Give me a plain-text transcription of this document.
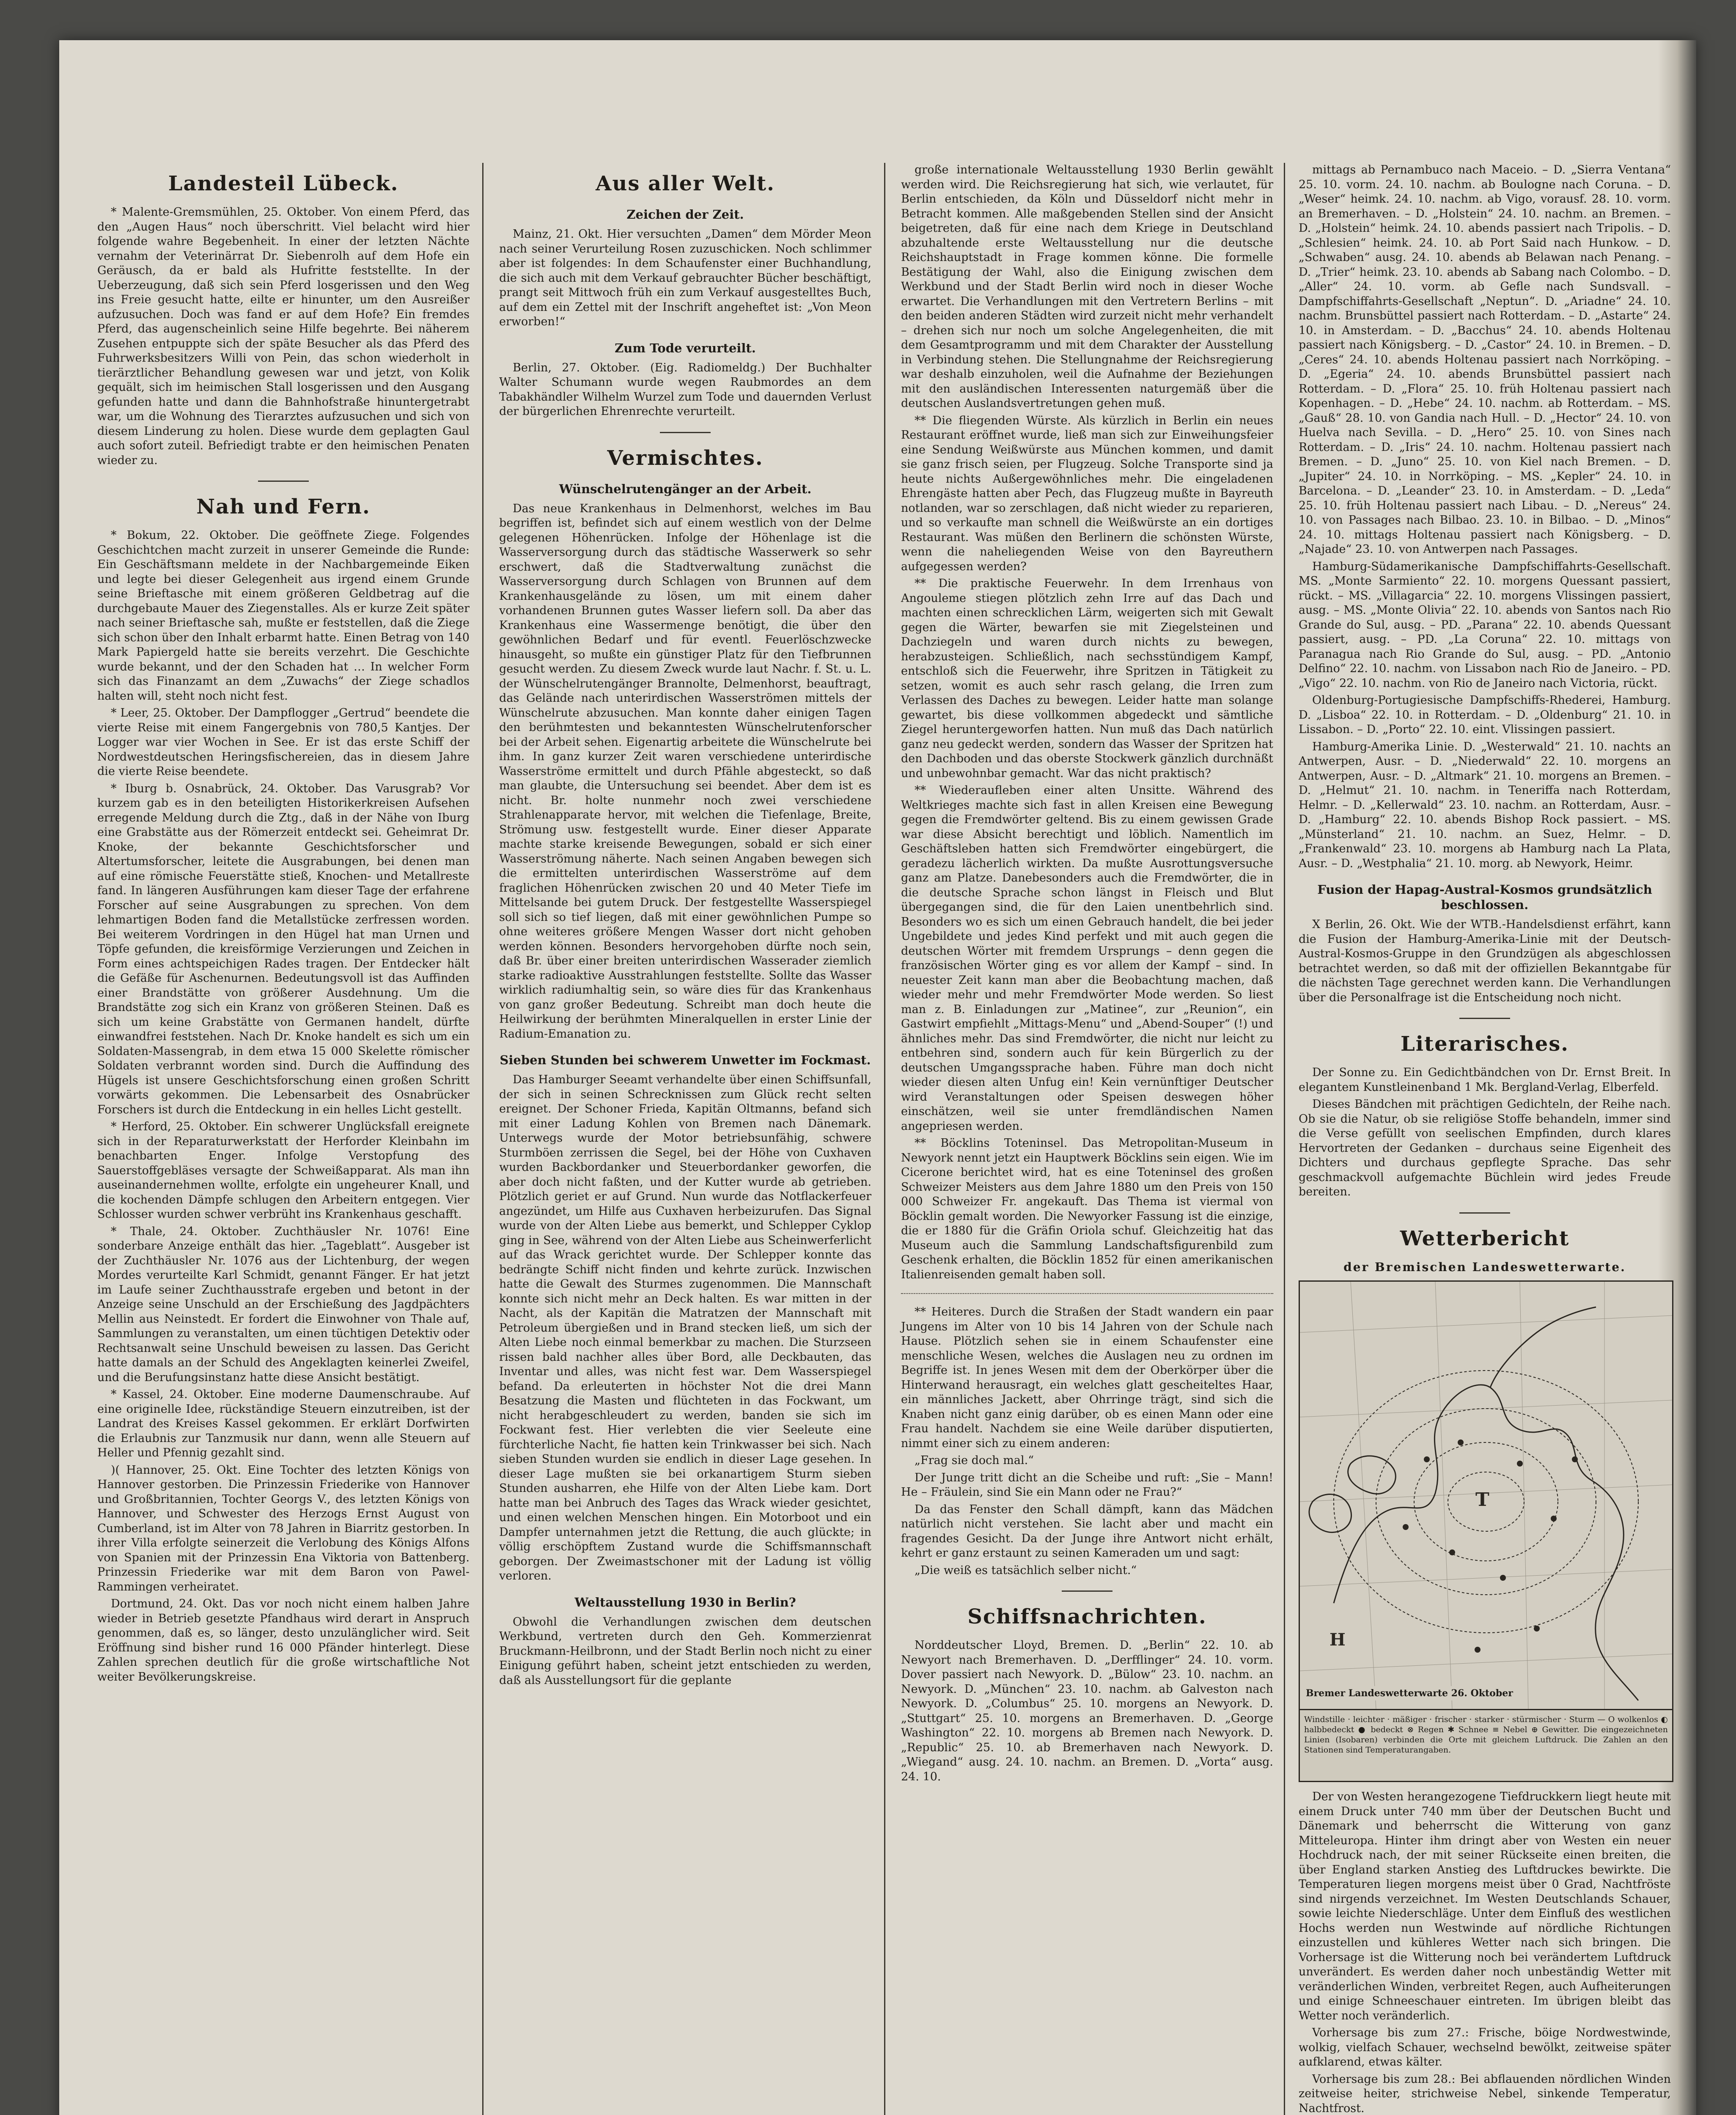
Landesteil Lübeck.

* Malente-Gremsmühlen, 25. Oktober. Von einem Pferd, das den „Augen Haus“ noch überschritt. Viel belacht wird hier folgende wahre Begebenheit. In einer der letzten Nächte vernahm der Veterinärrat Dr. Siebenrolh auf dem Hofe ein Geräusch, da er bald als Hufritte feststellte. In der Ueberzeugung, daß sich sein Pferd losgerissen und den Weg ins Freie gesucht hatte, eilte er hinunter, um den Ausreißer aufzusuchen. Doch was fand er auf dem Hofe? Ein fremdes Pferd, das augenscheinlich seine Hilfe begehrte. Bei näherem Zusehen entpuppte sich der späte Besucher als das Pferd des Fuhrwerksbesitzers Willi von Pein, das schon wiederholt in tierärztlicher Behandlung gewesen war und jetzt, von Kolik gequält, sich im heimischen Stall losgerissen und den Ausgang gefunden hatte und dann die Bahnhofstraße hinuntergetrabt war, um die Wohnung des Tierarztes aufzusuchen und sich von diesem Linderung zu holen. Diese wurde dem geplagten Gaul auch sofort zuteil. Befriedigt trabte er den heimischen Penaten wieder zu.

Nah und Fern.

* Bokum, 22. Oktober. Die geöffnete Ziege. Folgendes Geschichtchen macht zurzeit in unserer Gemeinde die Runde: Ein Geschäftsmann meldete in der Nachbargemeinde Eiken und legte bei dieser Gelegenheit aus irgend einem Grunde seine Brieftasche mit einem größeren Geldbetrag auf die durchgebaute Mauer des Ziegenstalles. Als er kurze Zeit später nach seiner Brieftasche sah, mußte er feststellen, daß die Ziege sich schon über den Inhalt erbarmt hatte. Einen Betrag von 140 Mark Papiergeld hatte sie bereits verzehrt. Die Geschichte wurde bekannt, und der den Schaden hat … In welcher Form sich das Finanzamt an dem „Zuwachs“ der Ziege schadlos halten will, steht noch nicht fest.

* Leer, 25. Oktober. Der Dampflogger „Gertrud“ beendete die vierte Reise mit einem Fangergebnis von 780,5 Kantjes. Der Logger war vier Wochen in See. Er ist das erste Schiff der Nordwestdeutschen Heringsfischereien, das in diesem Jahre die vierte Reise beendete.

* Iburg b. Osnabrück, 24. Oktober. Das Varusgrab? Vor kurzem gab es in den beteiligten Historikerkreisen Aufsehen erregende Meldung durch die Ztg., daß in der Nähe von Iburg eine Grabstätte aus der Römerzeit entdeckt sei. Geheimrat Dr. Knoke, der bekannte Geschichtsforscher und Altertumsforscher, leitete die Ausgrabungen, bei denen man auf eine römische Feuerstätte stieß, Knochen- und Metallreste fand. In längeren Ausführungen kam dieser Tage der erfahrene Forscher auf seine Ausgrabungen zu sprechen. Von dem lehmartigen Boden fand die Metallstücke zerfressen worden. Bei weiterem Vordringen in den Hügel hat man Urnen und Töpfe gefunden, die kreisförmige Verzierungen und Zeichen in Form eines achtspeichigen Rades tragen. Der Entdecker hält die Gefäße für Aschenurnen. Bedeutungsvoll ist das Auffinden einer Brandstätte von größerer Ausdehnung. Um die Brandstätte zog sich ein Kranz von größeren Steinen. Daß es sich um keine Grabstätte von Germanen handelt, dürfte einwandfrei feststehen. Nach Dr. Knoke handelt es sich um ein Soldaten-Massengrab, in dem etwa 15 000 Skelette römischer Soldaten verbrannt worden sind. Durch die Auffindung des Hügels ist unsere Geschichtsforschung einen großen Schritt vorwärts gekommen. Die Lebensarbeit des Osnabrücker Forschers ist durch die Entdeckung in ein helles Licht gestellt.

* Herford, 25. Oktober. Ein schwerer Unglücksfall ereignete sich in der Reparaturwerkstatt der Herforder Kleinbahn im benachbarten Enger. Infolge Verstopfung des Sauerstoffgebläses versagte der Schweißapparat. Als man ihn auseinandernehmen wollte, erfolgte ein ungeheurer Knall, und die kochenden Dämpfe schlugen den Arbeitern entgegen. Vier Schlosser wurden schwer verbrüht ins Krankenhaus geschafft.

* Thale, 24. Oktober. Zuchthäusler Nr. 1076! Eine sonderbare Anzeige enthält das hier. „Tageblatt“. Ausgeber ist der Zuchthäusler Nr. 1076 aus der Lichtenburg, der wegen Mordes verurteilte Karl Schmidt, genannt Fänger. Er hat jetzt im Laufe seiner Zuchthausstrafe ergeben und betont in der Anzeige seine Unschuld an der Erschießung des Jagdpächters Mellin aus Neinstedt. Er fordert die Einwohner von Thale auf, Sammlungen zu veranstalten, um einen tüchtigen Detektiv oder Rechtsanwalt seine Unschuld beweisen zu lassen. Das Gericht hatte damals an der Schuld des Angeklagten keinerlei Zweifel, und die Berufungsinstanz hatte diese Ansicht bestätigt.

* Kassel, 24. Oktober. Eine moderne Daumenschraube. Auf eine originelle Idee, rückständige Steuern einzutreiben, ist der Landrat des Kreises Kassel gekommen. Er erklärt Dorfwirten die Erlaubnis zur Tanzmusik nur dann, wenn alle Steuern auf Heller und Pfennig gezahlt sind.

)( Hannover, 25. Okt. Eine Tochter des letzten Königs von Hannover gestorben. Die Prinzessin Friederike von Hannover und Großbritannien, Tochter Georgs V., des letzten Königs von Hannover, und Schwester des Herzogs Ernst August von Cumberland, ist im Alter von 78 Jahren in Biarritz gestorben. In ihrer Villa erfolgte seinerzeit die Verlobung des Königs Alfons von Spanien mit der Prinzessin Ena Viktoria von Battenberg. Prinzessin Friederike war mit dem Baron von Pawel-Rammingen verheiratet.

Dortmund, 24. Okt. Das vor noch nicht einem halben Jahre wieder in Betrieb gesetzte Pfandhaus wird derart in Anspruch genommen, daß es, so länger, desto unzulänglicher wird. Seit Eröffnung sind bisher rund 16 000 Pfänder hinterlegt. Diese Zahlen sprechen deutlich für die große wirtschaftliche Not weiter Bevölkerungskreise.

Aus aller Welt.
Zeichen der Zeit.

Mainz, 21. Okt. Hier versuchten „Damen“ dem Mörder Meon nach seiner Verurteilung Rosen zuzuschicken. Noch schlimmer aber ist folgendes: In dem Schaufenster einer Buchhandlung, die sich auch mit dem Verkauf gebrauchter Bücher beschäftigt, prangt seit Mittwoch früh ein zum Verkauf ausgestelltes Buch, auf dem ein Zettel mit der Inschrift angeheftet ist: „Von Meon erworben!“

Zum Tode verurteilt.

Berlin, 27. Oktober. (Eig. Radiomeldg.) Der Buchhalter Walter Schumann wurde wegen Raubmordes an dem Tabakhändler Wilhelm Wurzel zum Tode und dauernden Verlust der bürgerlichen Ehrenrechte verurteilt.

Vermischtes.
Wünschelrutengänger an der Arbeit.

Das neue Krankenhaus in Delmenhorst, welches im Bau begriffen ist, befindet sich auf einem westlich von der Delme gelegenen Höhenrücken. Infolge der Höhenlage ist die Wasserversorgung durch das städtische Wasserwerk so sehr erschwert, daß die Stadtverwaltung zunächst die Wasserversorgung durch Schlagen von Brunnen auf dem Krankenhausgelände zu lösen, um mit einem daher vorhandenen Brunnen gutes Wasser liefern soll. Da aber das Krankenhaus eine Wassermenge benötigt, die über den gewöhnlichen Bedarf und für eventl. Feuerlöschzwecke hinausgeht, so mußte ein günstiger Platz für den Tiefbrunnen gesucht werden. Zu diesem Zweck wurde laut Nachr. f. St. u. L. der Wünschelrutengänger Brannolte, Delmenhorst, beauftragt, das Gelände nach unterirdischen Wasserströmen mittels der Wünschelrute abzusuchen. Man konnte daher einigen Tagen den berühmtesten und bekanntesten Wünschelrutenforscher bei der Arbeit sehen. Eigenartig arbeitete die Wünschelrute bei ihm. In ganz kurzer Zeit waren verschiedene unterirdische Wasserströme ermittelt und durch Pfähle abgesteckt, so daß man glaubte, die Untersuchung sei beendet. Aber dem ist es nicht. Br. holte nunmehr noch zwei verschiedene Strahlenapparate hervor, mit welchen die Tiefenlage, Breite, Strömung usw. festgestellt wurde. Einer dieser Apparate machte starke kreisende Bewegungen, sobald er sich einer Wasserströmung näherte. Nach seinen Angaben bewegen sich die ermittelten unterirdischen Wasserströme auf dem fraglichen Höhenrücken zwischen 20 und 40 Meter Tiefe im Mittelsande bei gutem Druck. Der festgestellte Wasserspiegel soll sich so tief liegen, daß mit einer gewöhnlichen Pumpe so ohne weiteres größere Mengen Wasser dort nicht gehoben werden können. Besonders hervorgehoben dürfte noch sein, daß Br. über einer breiten unterirdischen Wasserader ziemlich starke radioaktive Ausstrahlungen feststellte. Sollte das Wasser wirklich radiumhaltig sein, so wäre dies für das Krankenhaus von ganz großer Bedeutung. Schreibt man doch heute die Heilwirkung der berühmten Mineralquellen in erster Linie der Radium-Emanation zu.

Sieben Stunden bei schwerem Unwetter im Fockmast.

Das Hamburger Seeamt verhandelte über einen Schiffsunfall, der sich in seinen Schrecknissen zum Glück recht selten ereignet. Der Schoner Frieda, Kapitän Oltmanns, befand sich mit einer Ladung Kohlen von Bremen nach Dänemark. Unterwegs wurde der Motor betriebsunfähig, schwere Sturmböen zerrissen die Segel, bei der Höhe von Cuxhaven wurden Backbordanker und Steuerbordanker geworfen, die aber doch nicht faßten, und der Kutter wurde ab getrieben. Plötzlich geriet er auf Grund. Nun wurde das Notflackerfeuer angezündet, um Hilfe aus Cuxhaven herbeizurufen. Das Signal wurde von der Alten Liebe aus bemerkt, und Schlepper Cyklop ging in See, während von der Alten Liebe aus Scheinwerferlicht auf das Wrack gerichtet wurde. Der Schlepper konnte das bedrängte Schiff nicht finden und kehrte zurück. Inzwischen hatte die Gewalt des Sturmes zugenommen. Die Mannschaft konnte sich nicht mehr an Deck halten. Es war mitten in der Nacht, als der Kapitän die Matratzen der Mannschaft mit Petroleum übergießen und in Brand stecken ließ, um sich der Alten Liebe noch einmal bemerkbar zu machen. Die Sturzseen rissen bald nachher alles über Bord, alle Deckbauten, das Inventar und alles, was nicht fest war. Dem Wasserspiegel befand. Da erleuterten in höchster Not die drei Mann Besatzung die Masten und flüchteten in das Fockwant, um nicht herabgeschleudert zu werden, banden sie sich im Fockwant fest. Hier verlebten die vier Seeleute eine fürchterliche Nacht, fie hatten kein Trinkwasser bei sich. Nach sieben Stunden wurden sie endlich in dieser Lage gesehen. In dieser Lage mußten sie bei orkanartigem Sturm sieben Stunden ausharren, ehe Hilfe von der Alten Liebe kam. Dort hatte man bei Anbruch des Tages das Wrack wieder gesichtet, und einen welchen Menschen hingen. Ein Motorboot und ein Dampfer unternahmen jetzt die Rettung, die auch glückte; in völlig erschöpftem Zustand wurde die Schiffsmannschaft geborgen. Der Zweimastschoner mit der Ladung ist völlig verloren.

Weltausstellung 1930 in Berlin?

Obwohl die Verhandlungen zwischen dem deutschen Werkbund, vertreten durch den Geh. Kommerzienrat Bruckmann-Heilbronn, und der Stadt Berlin noch nicht zu einer Einigung geführt haben, scheint jetzt entschieden zu werden, daß als Ausstellungsort für die geplante

große internationale Weltausstellung 1930 Berlin gewählt werden wird. Die Reichsregierung hat sich, wie verlautet, für Berlin entschieden, da Köln und Düsseldorf nicht mehr in Betracht kommen. Alle maßgebenden Stellen sind der Ansicht beigetreten, daß für eine nach dem Kriege in Deutschland abzuhaltende erste Weltausstellung nur die deutsche Reichshauptstadt in Frage kommen könne. Die formelle Bestätigung der Wahl, also die Einigung zwischen dem Werkbund und der Stadt Berlin wird noch in dieser Woche erwartet. Die Verhandlungen mit den Vertretern Berlins – mit den beiden anderen Städten wird zurzeit nicht mehr verhandelt – drehen sich nur noch um solche Angelegenheiten, die mit dem Gesamtprogramm und mit dem Charakter der Ausstellung in Verbindung stehen. Die Stellungnahme der Reichsregierung war deshalb einzuholen, weil die Aufnahme der Beziehungen mit den ausländischen Interessenten naturgemäß über die deutschen Auslandsvertretungen gehen muß.

** Die fliegenden Würste. Als kürzlich in Berlin ein neues Restaurant eröffnet wurde, ließ man sich zur Einweihungsfeier eine Sendung Weißwürste aus München kommen, und damit sie ganz frisch seien, per Flugzeug. Solche Transporte sind ja heute nichts Außergewöhnliches mehr. Die eingeladenen Ehrengäste hatten aber Pech, das Flugzeug mußte in Bayreuth notlanden, war so zerschlagen, daß nicht wieder zu reparieren, und so verkaufte man schnell die Weißwürste an ein dortiges Restaurant. Was müßen den Berlinern die schönsten Würste, wenn die naheliegenden Weise von den Bayreuthern aufgegessen werden?

** Die praktische Feuerwehr. In dem Irrenhaus von Angouleme stiegen plötzlich zehn Irre auf das Dach und machten einen schrecklichen Lärm, weigerten sich mit Gewalt gegen die Wärter, bewarfen sie mit Ziegelsteinen und Dachziegeln und waren durch nichts zu bewegen, herabzusteigen. Schließlich, nach sechsstündigem Kampf, entschloß sich die Feuerwehr, ihre Spritzen in Tätigkeit zu setzen, womit es auch sehr rasch gelang, die Irren zum Verlassen des Daches zu bewegen. Leider hatte man solange gewartet, bis diese vollkommen abgedeckt und sämtliche Ziegel heruntergeworfen hatten. Nun muß das Dach natürlich ganz neu gedeckt werden, sondern das Wasser der Spritzen hat den Dachboden und das oberste Stockwerk gänzlich durchnäßt und unbewohnbar gemacht. War das nicht praktisch?

** Wiederaufleben einer alten Unsitte. Während des Weltkrieges machte sich fast in allen Kreisen eine Bewegung gegen die Fremdwörter geltend. Bis zu einem gewissen Grade war diese Absicht berechtigt und löblich. Namentlich im Geschäftsleben hatten sich Fremdwörter eingebürgert, die geradezu lächerlich wirkten. Da mußte Ausrottungsversuche ganz am Platze. Danebesonders auch die Fremdwörter, die in die deutsche Sprache schon längst in Fleisch und Blut übergegangen sind, die für den Laien unentbehrlich sind. Besonders wo es sich um einen Gebrauch handelt, die bei jeder Ungebildete und jedes Kind perfekt und mit auch gegen die deutschen Wörter mit fremdem Ursprungs – denn gegen die französischen Wörter ging es vor allem der Kampf – sind. In neuester Zeit kann man aber die Beobachtung machen, daß wieder mehr und mehr Fremdwörter Mode werden. So liest man z. B. Einladungen zur „Matinee“, zur „Reunion“, ein Gastwirt empfiehlt „Mittags-Menu“ und „Abend-Souper“ (!) und ähnliches mehr. Das sind Fremdwörter, die nicht nur leicht zu entbehren sind, sondern auch für kein Bürgerlich zu der deutschen Umgangssprache haben. Führe man doch nicht wieder diesen alten Unfug ein! Kein vernünftiger Deutscher wird Veranstaltungen oder Speisen deswegen höher einschätzen, weil sie unter fremdländischen Namen angepriesen werden.

** Böcklins Toteninsel. Das Metropolitan-Museum in Newyork nennt jetzt ein Hauptwerk Böcklins sein eigen. Wie im Cicerone berichtet wird, hat es eine Toteninsel des großen Schweizer Meisters aus dem Jahre 1880 um den Preis von 150 000 Schweizer Fr. angekauft. Das Thema ist viermal von Böcklin gemalt worden. Die Newyorker Fassung ist die einzige, die er 1880 für die Gräfin Oriola schuf. Gleichzeitig hat das Museum auch die Sammlung Landschaftsfigurenbild zum Geschenk erhalten, die Böcklin 1852 für einen amerikanischen Italienreisenden gemalt haben soll.

** Heiteres. Durch die Straßen der Stadt wandern ein paar Jungens im Alter von 10 bis 14 Jahren von der Schule nach Hause. Plötzlich sehen sie in einem Schaufenster eine menschliche Wesen, welches die Auslagen neu zu ordnen im Begriffe ist. In jenes Wesen mit dem der Oberkörper über die Hinterwand herausragt, ein welches glatt gescheiteltes Haar, ein männliches Jackett, aber Ohrringe trägt, sind sich die Knaben nicht ganz einig darüber, ob es einen Mann oder eine Frau handelt. Nachdem sie eine Weile darüber disputierten, nimmt einer sich zu einem anderen:

„Frag sie doch mal.“

Der Junge tritt dicht an die Scheibe und ruft: „Sie – Mann! He – Fräulein, sind Sie ein Mann oder ne Frau?“

Da das Fenster den Schall dämpft, kann das Mädchen natürlich nicht verstehen. Sie lacht aber und macht ein fragendes Gesicht. Da der Junge ihre Antwort nicht erhält, kehrt er ganz erstaunt zu seinen Kameraden um und sagt:

„Die weiß es tatsächlich selber nicht.“

Schiffsnachrichten.

Norddeutscher Lloyd, Bremen. D. „Berlin“ 22. 10. ab Newyort nach Bremerhaven. D. „Derfflinger“ 24. 10. vorm. Dover passiert nach Newyork. D. „Bülow“ 23. 10. nachm. an Newyork. D. „München“ 23. 10. nachm. ab Galveston nach Newyork. D. „Columbus“ 25. 10. morgens an Newyork. D. „Stuttgart“ 25. 10. morgens an Bremerhaven. D. „George Washington“ 22. 10. morgens ab Bremen nach Newyork. D. „Republic“ 25. 10. ab Bremerhaven nach Newyork. D. „Wiegand“ ausg. 24. 10. nachm. an Bremen. D. „Vorta“ ausg. 24. 10.

mittags ab Pernambuco nach Maceio. – D. „Sierra Ventana“ 25. 10. vorm. 24. 10. nachm. ab Boulogne nach Coruna. – D. „Weser“ heimk. 24. 10. nachm. ab Vigo, vorausf. 28. 10. vorm. an Bremerhaven. – D. „Holstein“ 24. 10. nachm. an Bremen. – D. „Holstein“ heimk. 24. 10. abends passiert nach Tripolis. – D. „Schlesien“ heimk. 24. 10. ab Port Said nach Hunkow. – D. „Schwaben“ ausg. 24. 10. abends ab Belawan nach Penang. – D. „Trier“ heimk. 23. 10. abends ab Sabang nach Colombo. – D. „Aller“ 24. 10. vorm. ab Gefle nach Sundsvall. – Dampfschiffahrts-Gesellschaft „Neptun“. D. „Ariadne“ 24. 10. nachm. Brunsbüttel passiert nach Rotterdam. – D. „Astarte“ 24. 10. in Amsterdam. – D. „Bacchus“ 24. 10. abends Holtenau passiert nach Königsberg. – D. „Castor“ 24. 10. in Bremen. – D. „Ceres“ 24. 10. abends Holtenau passiert nach Norrköping. – D. „Egeria“ 24. 10. abends Brunsbüttel passiert nach Rotterdam. – D. „Flora“ 25. 10. früh Holtenau passiert nach Kopenhagen. – D. „Hebe“ 24. 10. nachm. ab Rotterdam. – MS. „Gauß“ 28. 10. von Gandia nach Hull. – D. „Hector“ 24. 10. von Huelva nach Sevilla. – D. „Hero“ 25. 10. von Sines nach Rotterdam. – D. „Iris“ 24. 10. nachm. Holtenau passiert nach Bremen. – D. „Juno“ 25. 10. von Kiel nach Bremen. – D. „Jupiter“ 24. 10. in Norrköping. – MS. „Kepler“ 24. 10. in Barcelona. – D. „Leander“ 23. 10. in Amsterdam. – D. „Leda“ 25. 10. früh Holtenau passiert nach Libau. – D. „Nereus“ 24. 10. von Passages nach Bilbao. 23. 10. in Bilbao. – D. „Minos“ 24. 10. mittags Holtenau passiert nach Königsberg. – D. „Najade“ 23. 10. von Antwerpen nach Passages.

Hamburg-Südamerikanische Dampfschiffahrts-Gesellschaft. MS. „Monte Sarmiento“ 22. 10. morgens Quessant passiert, rückt. – MS. „Villagarcia“ 22. 10. morgens Vlissingen passiert, ausg. – MS. „Monte Olivia“ 22. 10. abends von Santos nach Rio Grande do Sul, ausg. – PD. „Parana“ 22. 10. abends Quessant passiert, ausg. – PD. „La Coruna“ 22. 10. mittags von Paranagua nach Rio Grande do Sul, ausg. – PD. „Antonio Delfino“ 22. 10. nachm. von Lissabon nach Rio de Janeiro. – PD. „Vigo“ 22. 10. nachm. von Rio de Janeiro nach Victoria, rückt.

Oldenburg-Portugiesische Dampfschiffs-Rhederei, Hamburg. D. „Lisboa“ 22. 10. in Rotterdam. – D. „Oldenburg“ 21. 10. in Lissabon. – D. „Porto“ 22. 10. eint. Vlissingen passiert.

Hamburg-Amerika Linie. D. „Westerwald“ 21. 10. nachts an Antwerpen, Ausr. – D. „Niederwald“ 22. 10. morgens an Antwerpen, Ausr. – D. „Altmark“ 21. 10. morgens an Bremen. – D. „Helmut“ 21. 10. nachm. in Teneriffa nach Rotterdam, Helmr. – D. „Kellerwald“ 23. 10. nachm. an Rotterdam, Ausr. – D. „Hamburg“ 22. 10. abends Bishop Rock passiert. – MS. „Münsterland“ 21. 10. nachm. an Suez, Helmr. – D. „Frankenwald“ 23. 10. morgens ab Hamburg nach La Plata, Ausr. – D. „Westphalia“ 21. 10. morg. ab Newyork, Heimr.

Fusion der Hapag-Austral-Kosmos grundsätzlich beschlossen.

X Berlin, 26. Okt. Wie der WTB.-Handelsdienst erfährt, kann die Fusion der Hamburg-Amerika-Linie mit der Deutsch-Austral-Kosmos-Gruppe in den Grundzügen als abgeschlossen betrachtet werden, so daß mit der offiziellen Bekanntgabe für die nächsten Tage gerechnet werden kann. Die Verhandlungen über die Personalfrage ist die Entscheidung noch nicht.

Literarisches.

Der Sonne zu. Ein Gedichtbändchen von Dr. Ernst Breit. In elegantem Kunstleinenband 1 Mk. Bergland-Verlag, Elberfeld.

Dieses Bändchen mit prächtigen Gedichteln, der Reihe nach. Ob sie die Natur, ob sie religiöse Stoffe behandeln, immer sind die Verse gefüllt von seelischen Empfinden, durch klares Hervortreten der Gedanken – durchaus seine Eigenheit des Dichters und durchaus gepflegte Sprache. Das sehr geschmackvoll aufgemachte Büchlein wird jedes Freude bereiten.

Wetterbericht
der Bremischen Landeswetterwarte.
T
H
Bremer Landeswetterwarte 26. Oktober
Windstille · leichter · mäßiger · frischer · starker · stürmischer · Sturm — O wolkenlos ◐ halbbedeckt ● bedeckt ⊗ Regen ✱ Schnee ≡ Nebel ⊕ Gewitter. Die eingezeichneten Linien (Isobaren) verbinden die Orte mit gleichem Luftdruck. Die Zahlen an den Stationen sind Temperaturangaben.

Der von Westen herangezogene Tiefdruckkern liegt heute mit einem Druck unter 740 mm über der Deutschen Bucht und Dänemark und beherrscht die Witterung von ganz Mitteleuropa. Hinter ihm dringt aber von Westen ein neuer Hochdruck nach, der mit seiner Rückseite einen breiten, die über England starken Anstieg des Luftdruckes bewirkte. Die Temperaturen liegen morgens meist über 0 Grad, Nachtfröste sind nirgends verzeichnet. Im Westen Deutschlands Schauer, sowie leichte Niederschläge. Unter dem Einfluß des westlichen Hochs werden nun Westwinde auf nördliche Richtungen einzustellen und kühleres Wetter nach sich bringen. Die Vorhersage ist die Witterung noch bei verändertem Luftdruck unverändert. Es werden daher noch unbeständig Wetter mit veränderlichen Winden, verbreitet Regen, auch Aufheiterungen und einige Schneeschauer eintreten. Im übrigen bleibt das Wetter noch veränderlich.

Vorhersage bis zum 27.: Frische, böige Nordwestwinde, wolkig, vielfach Schauer, wechselnd bewölkt, zeitweise später aufklarend, etwas kälter.

Vorhersage bis zum 28.: Bei abflauenden nördlichen Winden zeitweise heiter, strichweise Nebel, sinkende Temperatur, Nachtfrost.
